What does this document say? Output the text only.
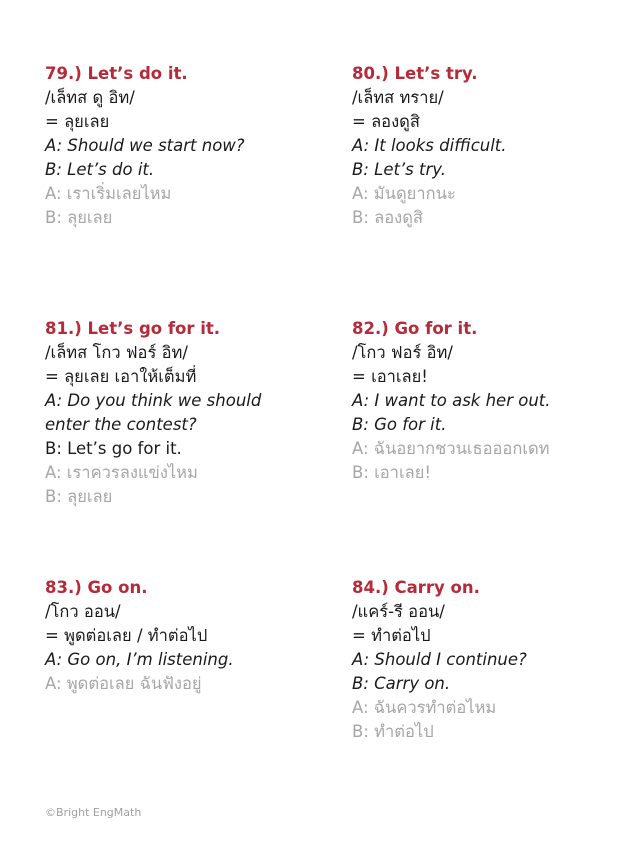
79.) Let’s do it.
/เล็ทส ดู อิท/
= ลุยเลย
A: Should we start now?
B: Let’s do it.
A: เราเริ่มเลยไหม
B: ลุยเลย
80.) Let’s try.
/เล็ทส ทราย/
= ลองดูสิ
A: It looks difficult.
B: Let’s try.
A: มันดูยากนะ
B: ลองดูสิ
81.) Let’s go for it.
/เล็ทส โกว ฟอร์ อิท/
= ลุยเลย เอาให้เต็มที่
A: Do you think we should
enter the contest?
B: Let’s go for it.
A: เราควรลงแข่งไหม
B: ลุยเลย
82.) Go for it.
/โกว ฟอร์ อิท/
= เอาเลย!
A: I want to ask her out.
B: Go for it.
A: ฉันอยากชวนเธอออกเดท
B: เอาเลย!
83.) Go on.
/โกว ออน/
= พูดต่อเลย / ทำต่อไป
A: Go on, I’m listening.
A: พูดต่อเลย ฉันฟังอยู่
84.) Carry on.
/แคร์-รี ออน/
= ทำต่อไป
A: Should I continue?
B: Carry on.
A: ฉันควรทำต่อไหม
B: ทำต่อไป
©Bright EngMath
